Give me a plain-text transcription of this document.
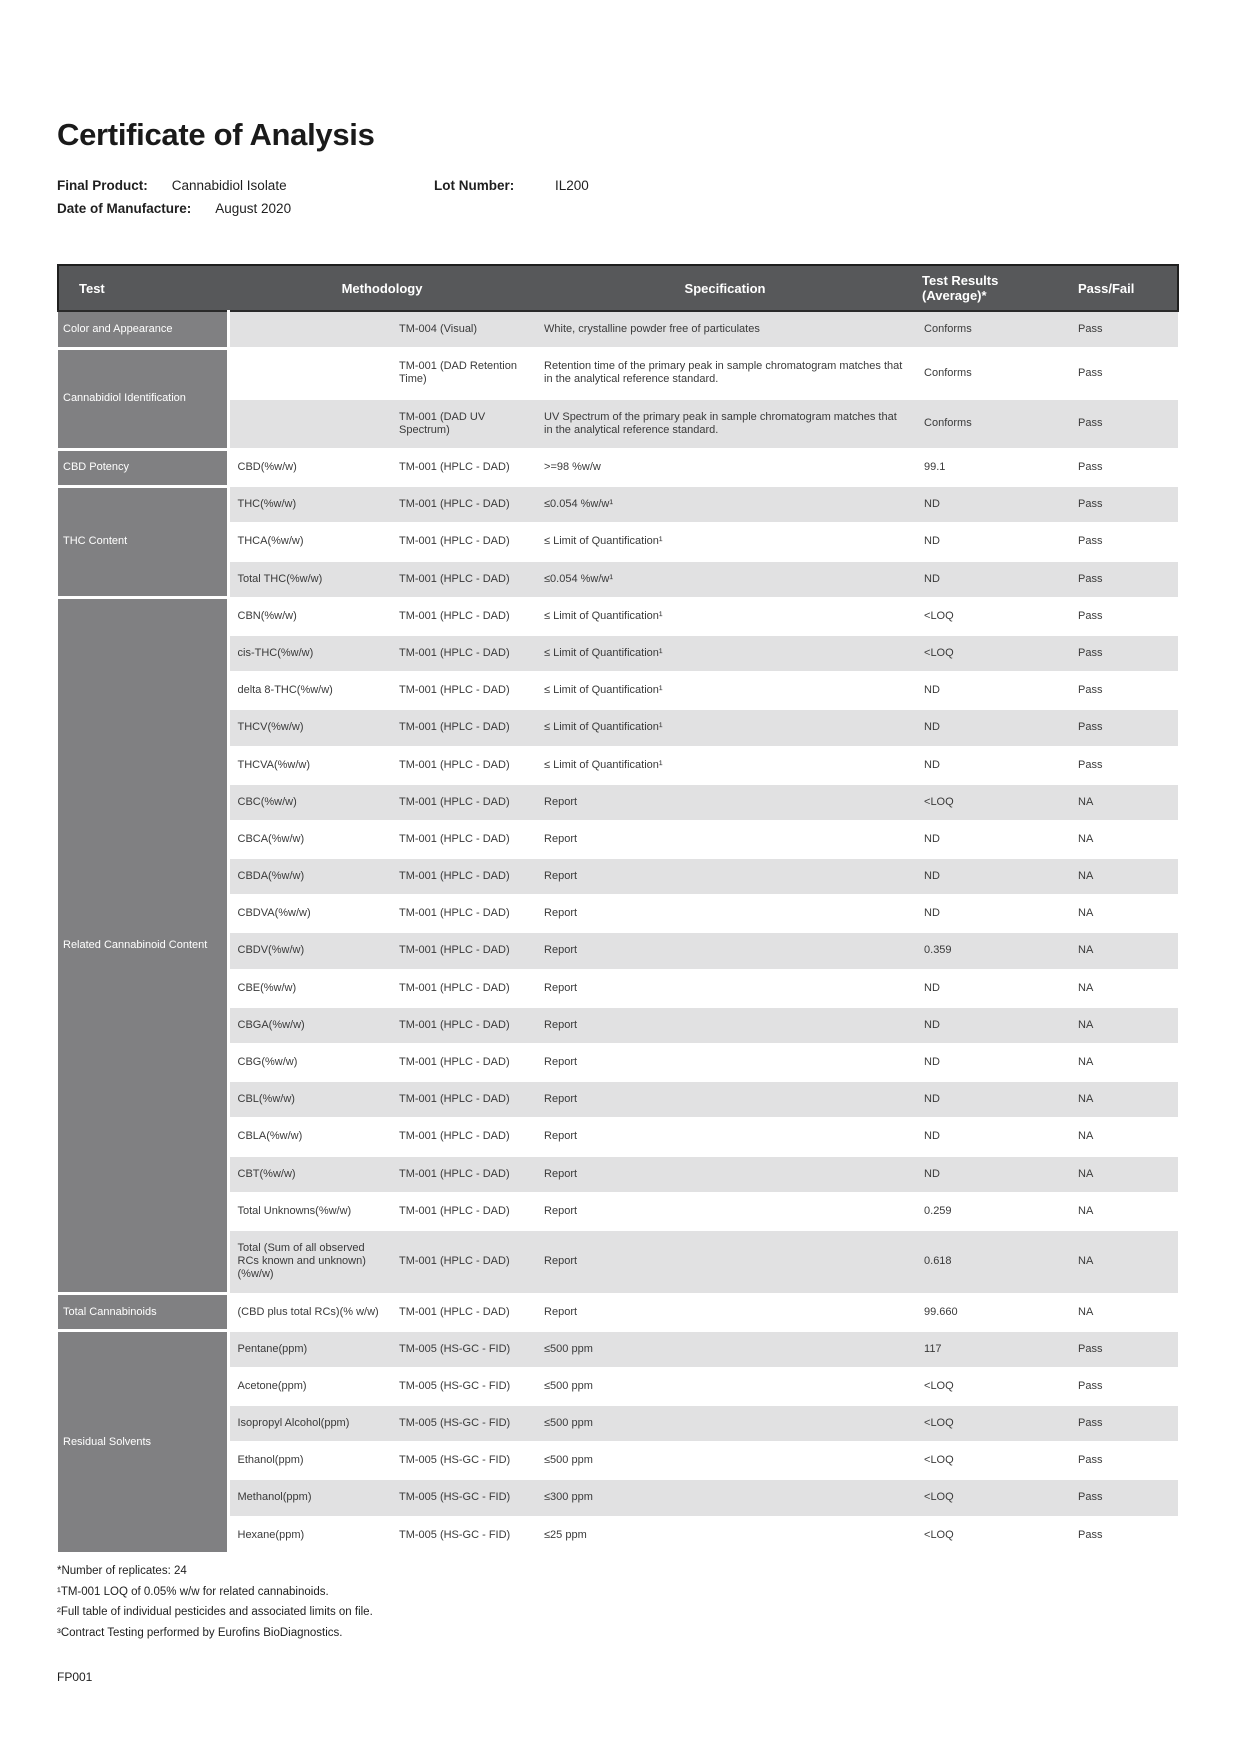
Certificate of Analysis
Final Product: Cannabidiol Isolate	Lot Number:	IL200
Date of Manufacture: August 2020
Test	Methodology		Specification	Test Results (Average)*	Pass/Fail
Color and Appearance		TM-004 (Visual)	White, crystalline powder free of particulates	Conforms	Pass
Cannabidiol Identification		TM-001 (DAD Retention Time)	Retention time of the primary peak in sample chromatogram matches that in the analytical reference standard.	Conforms	Pass
		TM-001 (DAD UV Spectrum)	UV Spectrum of the primary peak in sample chromatogram matches that in the analytical reference standard.	Conforms	Pass
CBD Potency	CBD(%w/w)	TM-001 (HPLC - DAD)	>=98 %w/w	99.1	Pass
THC Content	THC(%w/w)	TM-001 (HPLC - DAD)	≤0.054 %w/w¹	ND	Pass
	THCA(%w/w)	TM-001 (HPLC - DAD)	≤ Limit of Quantification¹	ND	Pass
	Total THC(%w/w)	TM-001 (HPLC - DAD)	≤0.054 %w/w¹	ND	Pass
Related Cannabinoid Content	CBN(%w/w)	TM-001 (HPLC - DAD)	≤ Limit of Quantification¹	<LOQ	Pass
	cis-THC(%w/w)	TM-001 (HPLC - DAD)	≤ Limit of Quantification¹	<LOQ	Pass
	delta 8-THC(%w/w)	TM-001 (HPLC - DAD)	≤ Limit of Quantification¹	ND	Pass
	THCV(%w/w)	TM-001 (HPLC - DAD)	≤ Limit of Quantification¹	ND	Pass
	THCVA(%w/w)	TM-001 (HPLC - DAD)	≤ Limit of Quantification¹	ND	Pass
	CBC(%w/w)	TM-001 (HPLC - DAD)	Report	<LOQ	NA
	CBCA(%w/w)	TM-001 (HPLC - DAD)	Report	ND	NA
	CBDA(%w/w)	TM-001 (HPLC - DAD)	Report	ND	NA
	CBDVA(%w/w)	TM-001 (HPLC - DAD)	Report	ND	NA
	CBDV(%w/w)	TM-001 (HPLC - DAD)	Report	0.359	NA
	CBE(%w/w)	TM-001 (HPLC - DAD)	Report	ND	NA
	CBGA(%w/w)	TM-001 (HPLC - DAD)	Report	ND	NA
	CBG(%w/w)	TM-001 (HPLC - DAD)	Report	ND	NA
	CBL(%w/w)	TM-001 (HPLC - DAD)	Report	ND	NA
	CBLA(%w/w)	TM-001 (HPLC - DAD)	Report	ND	NA
	CBT(%w/w)	TM-001 (HPLC - DAD)	Report	ND	NA
	Total Unknowns(%w/w)	TM-001 (HPLC - DAD)	Report	0.259	NA
	Total (Sum of all observed RCs known and unknown) (%w/w)	TM-001 (HPLC - DAD)	Report	0.618	NA
Total Cannabinoids	(CBD plus total RCs)(% w/w)	TM-001 (HPLC - DAD)	Report	99.660	NA
Residual Solvents	Pentane(ppm)	TM-005 (HS-GC - FID)	≤500 ppm	117	Pass
	Acetone(ppm)	TM-005 (HS-GC - FID)	≤500 ppm	<LOQ	Pass
	Isopropyl Alcohol(ppm)	TM-005 (HS-GC - FID)	≤500 ppm	<LOQ	Pass
	Ethanol(ppm)	TM-005 (HS-GC - FID)	≤500 ppm	<LOQ	Pass
	Methanol(ppm)	TM-005 (HS-GC - FID)	≤300 ppm	<LOQ	Pass
	Hexane(ppm)	TM-005 (HS-GC - FID)	≤25 ppm	<LOQ	Pass
*Number of replicates: 24
¹TM-001 LOQ of 0.05% w/w for related cannabinoids.
²Full table of individual pesticides and associated limits on file.
³Contract Testing performed by Eurofins BioDiagnostics.
FP001
